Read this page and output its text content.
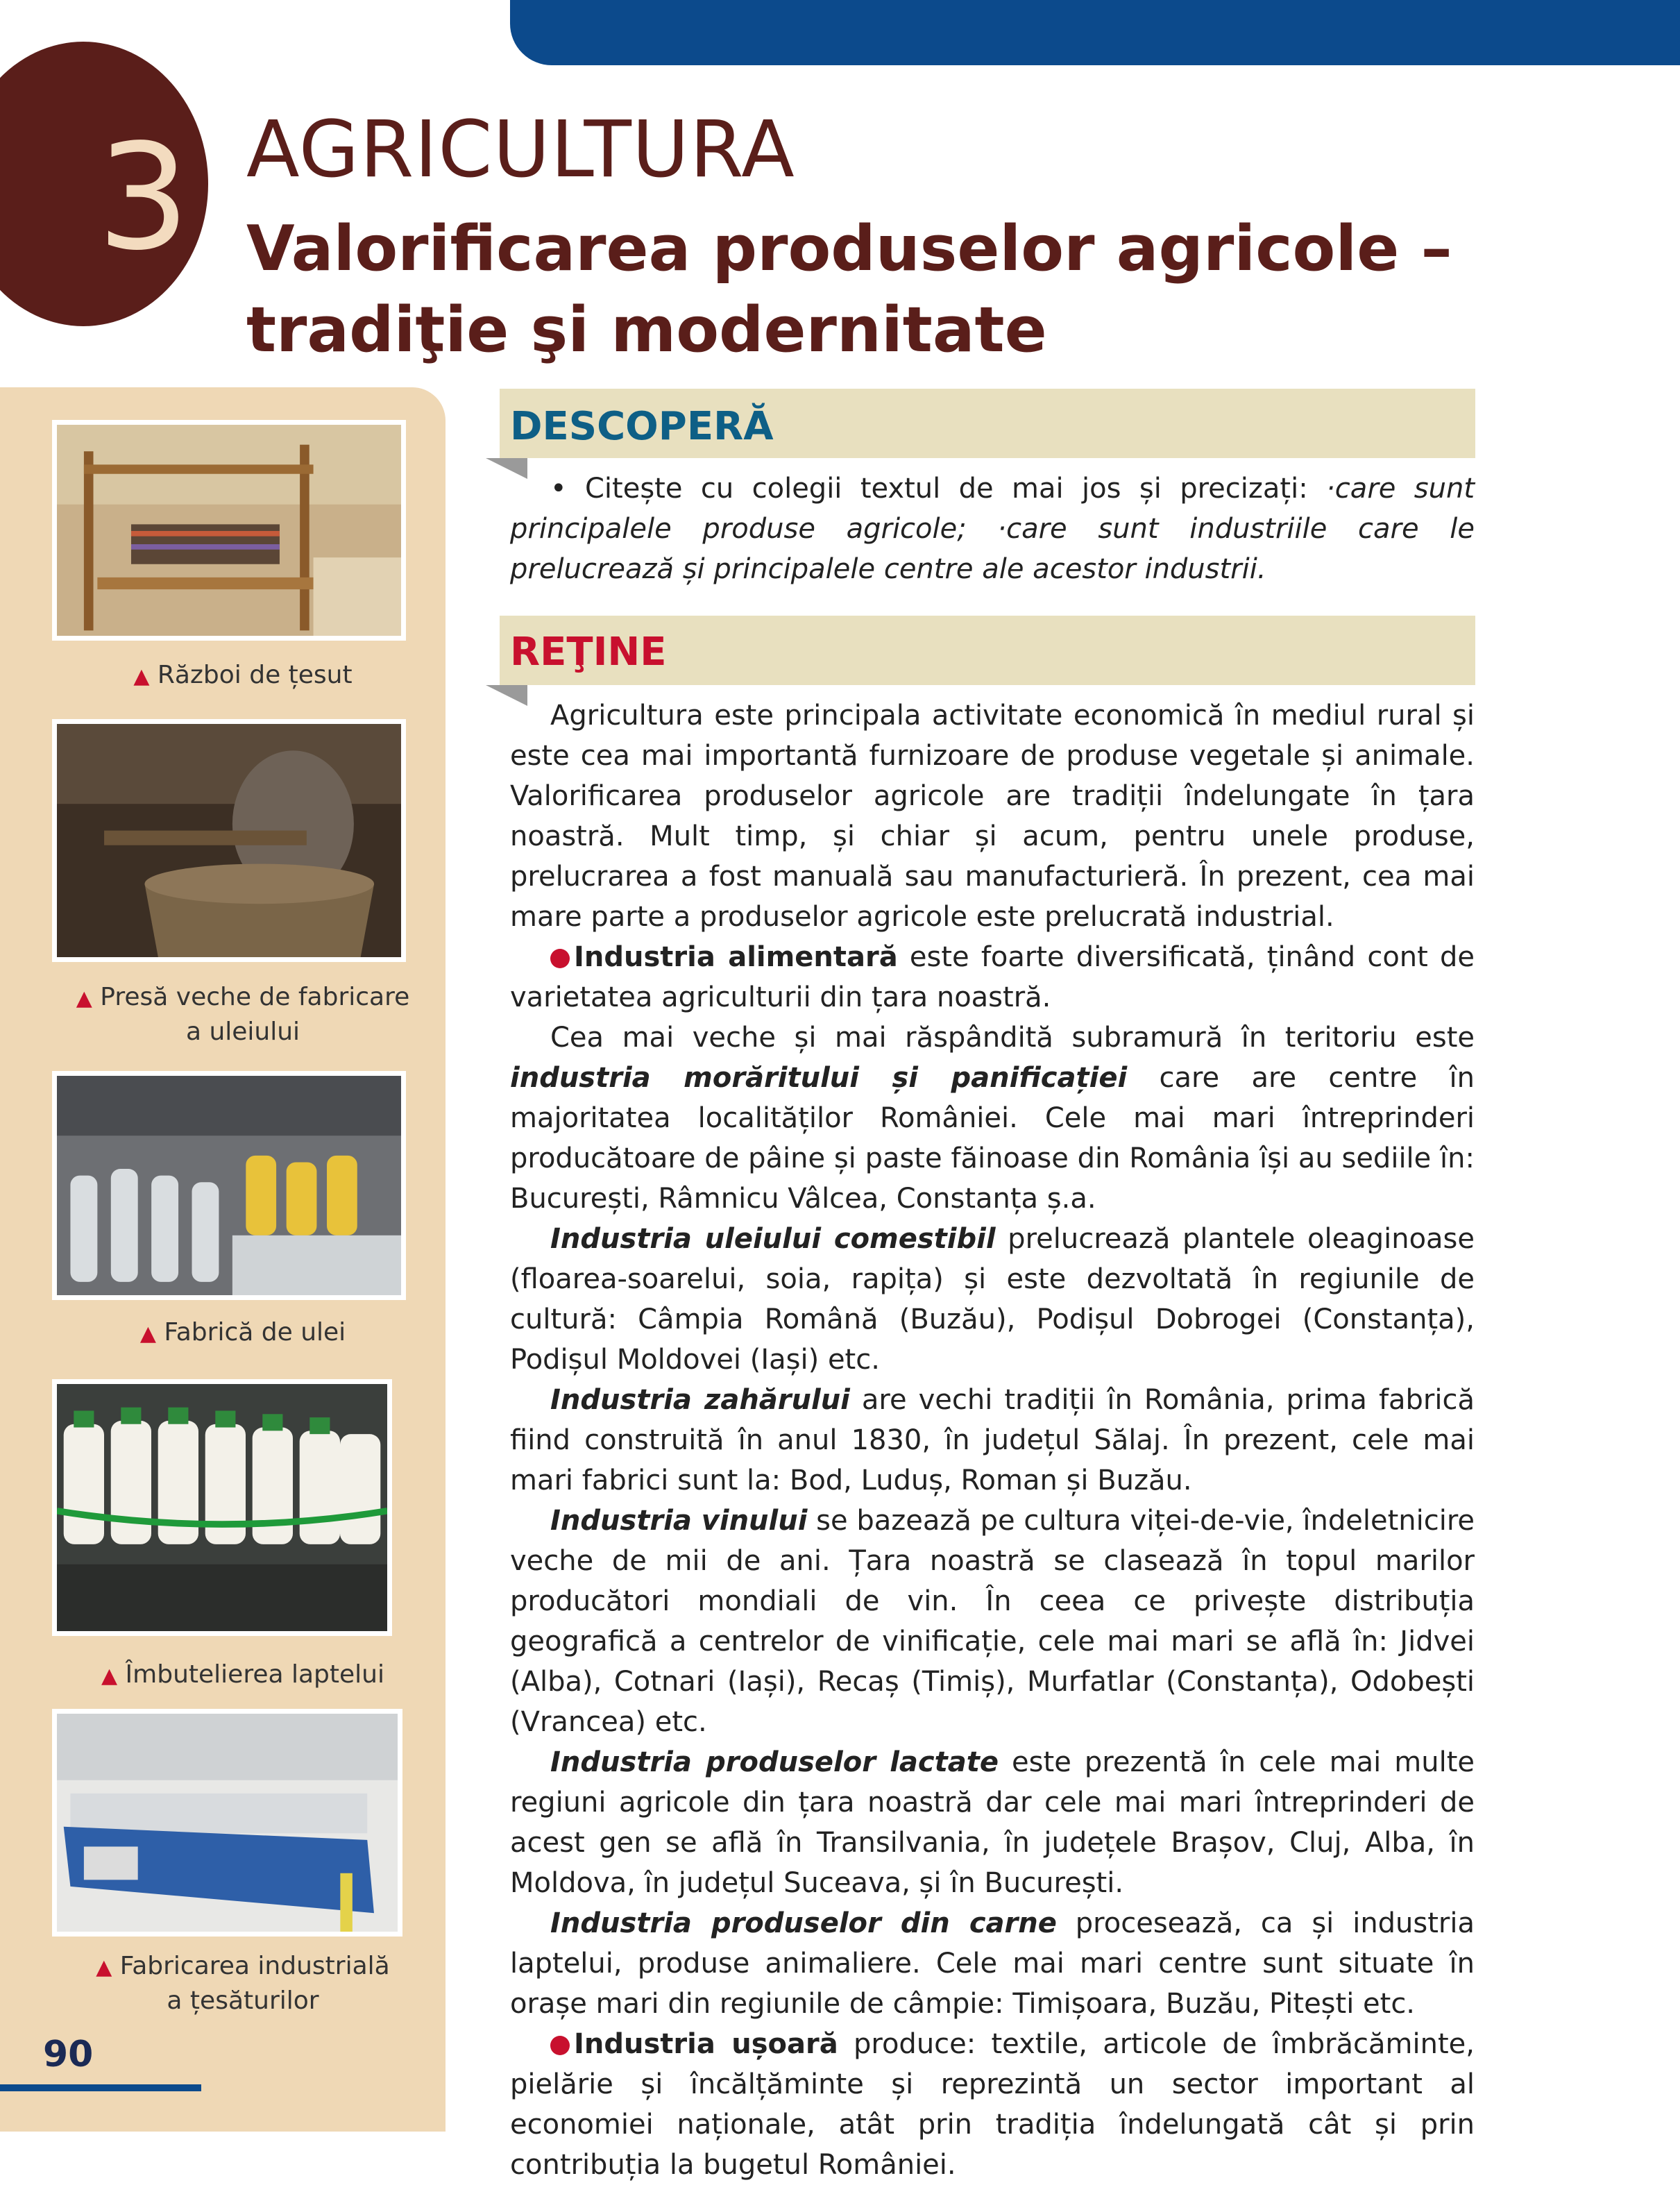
3 AGRICULTURA
Valorificarea produselor agricole –
tradiţie şi modernitate
▲ Război de țesut
▲ Presă veche de fabricare
a uleiului
▲ Fabrică de ulei
▲ Îmbutelierea laptelui
▲ Fabricarea industrială
a țesăturilor
90
DESCOPERĂ

• Citește cu colegii textul de mai jos și precizați: ·care sunt principalele produse agricole; ·care sunt industriile care le prelucrează și principalele centre ale acestor industrii.

REŢINE

Agricultura este principala activitate economică în mediul rural și este cea mai importantă furnizoare de produse vegetale și animale. Valorificarea produselor agricole are tradiții îndelungate în țara noastră. Mult timp, și chiar și acum, pentru unele produse, prelucrarea a fost manuală sau manufacturieră. În prezent, cea mai mare parte a produselor agricole este prelucrată industrial.

Industria alimentară este foarte diversificată, ținând cont de varietatea agriculturii din țara noastră.

Cea mai veche și mai răspândită subramură în teritoriu este industria morăritului și panificației care are centre în majoritatea localităților României. Cele mai mari întreprinderi producătoare de pâine și paste făinoase din România își au sediile în: București, Râmnicu Vâlcea, Constanța ș.a.

Industria uleiului comestibil prelucrează plantele oleaginoase (floarea-soarelui, soia, rapița) și este dezvoltată în regiunile de cultură: Câmpia Română (Buzău), Podișul Dobrogei (Constanța), Podișul Moldovei (Iași) etc.

Industria zahărului are vechi tradiții în România, prima fabrică fiind construită în anul 1830, în județul Sălaj. În prezent, cele mai mari fabrici sunt la: Bod, Luduș, Roman și Buzău.

Industria vinului se bazează pe cultura viței-de-vie, îndeletnicire veche de mii de ani. Țara noastră se clasează în topul marilor producători mondiali de vin. În ceea ce privește distribuția geografică a centrelor de vinificație, cele mai mari se află în: Jidvei (Alba), Cotnari (Iași), Recaș (Timiș), Murfatlar (Constanța), Odobești (Vrancea) etc.

Industria produselor lactate este prezentă în cele mai multe regiuni agricole din țara noastră dar cele mai mari întreprinderi de acest gen se află în Transilvania, în județele Brașov, Cluj, Alba, în Moldova, în județul Suceava, și în București.

Industria produselor din carne procesează, ca și industria laptelui, produse animaliere. Cele mai mari centre sunt situate în orașe mari din regiunile de câmpie: Timișoara, Buzău, Pitești etc.

Industria ușoară produce: textile, articole de îmbrăcăminte, pielărie și încălțăminte și reprezintă un sector important al economiei naționale, atât prin tradiția îndelungată cât și prin contribuția la bugetul României.
